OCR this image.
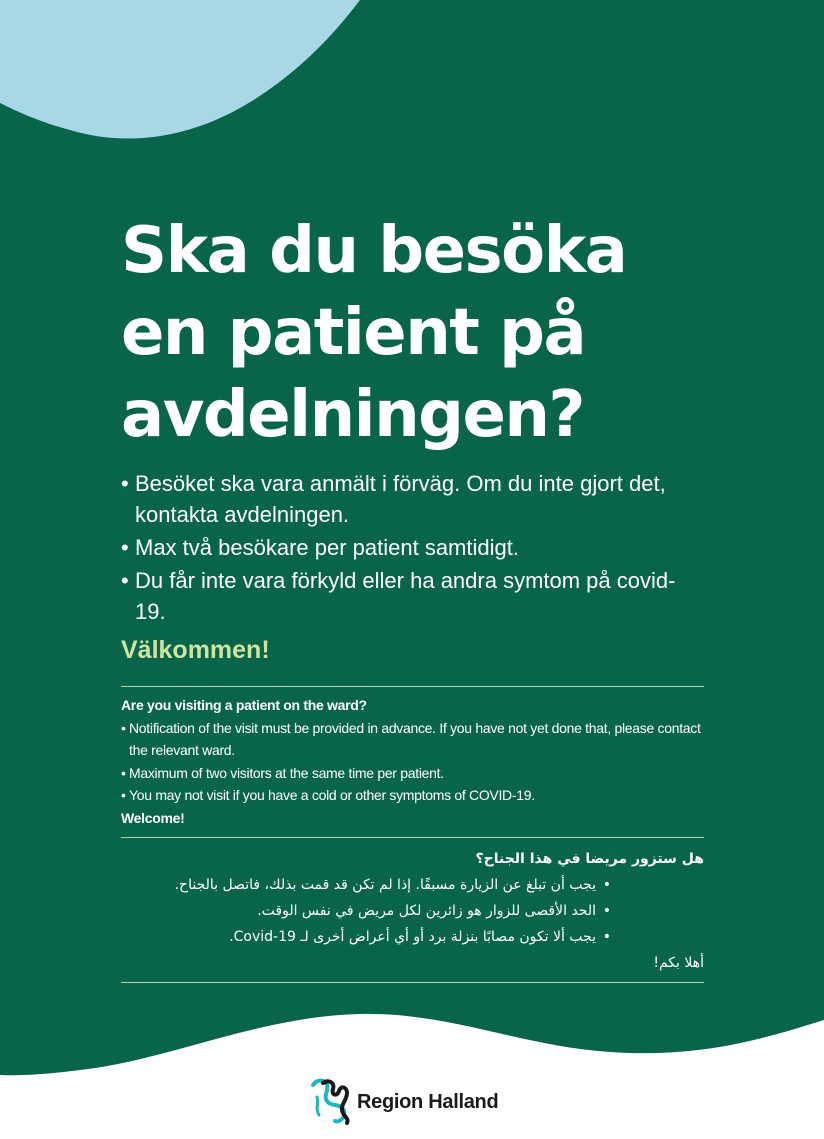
Ska du besöka
en patient på
avdelningen?
• Besöket ska vara anmält i förväg. Om du inte gjort det, kontakta avdelningen.
• Max två besökare per patient samtidigt.
• Du får inte vara förkyld eller ha andra symtom på covid-19.

Välkommen!

Are you visiting a patient on the ward?

• Notification of the visit must be provided in advance. If you have not yet done that, please contact the relevant ward.
• Maximum of two visitors at the same time per patient.
• You may not visit if you have a cold or other symptoms of COVID-19.

Welcome!

هل ستزور مريضا في هذا الجناح؟

•
يجب أن تبلغ عن الزيارة مسبقًا. إذا لم تكن قد قمت بذلك، فاتصل بالجناح.
•
الحد الأقصى للزوار هو زائرين لكل مريض في نفس الوقت.
•
يجب ألا تكون مصابًا بنزلة برد أو أي أعراض أخرى لـ Covid-19.

أهلا بكم!

Region Halland
